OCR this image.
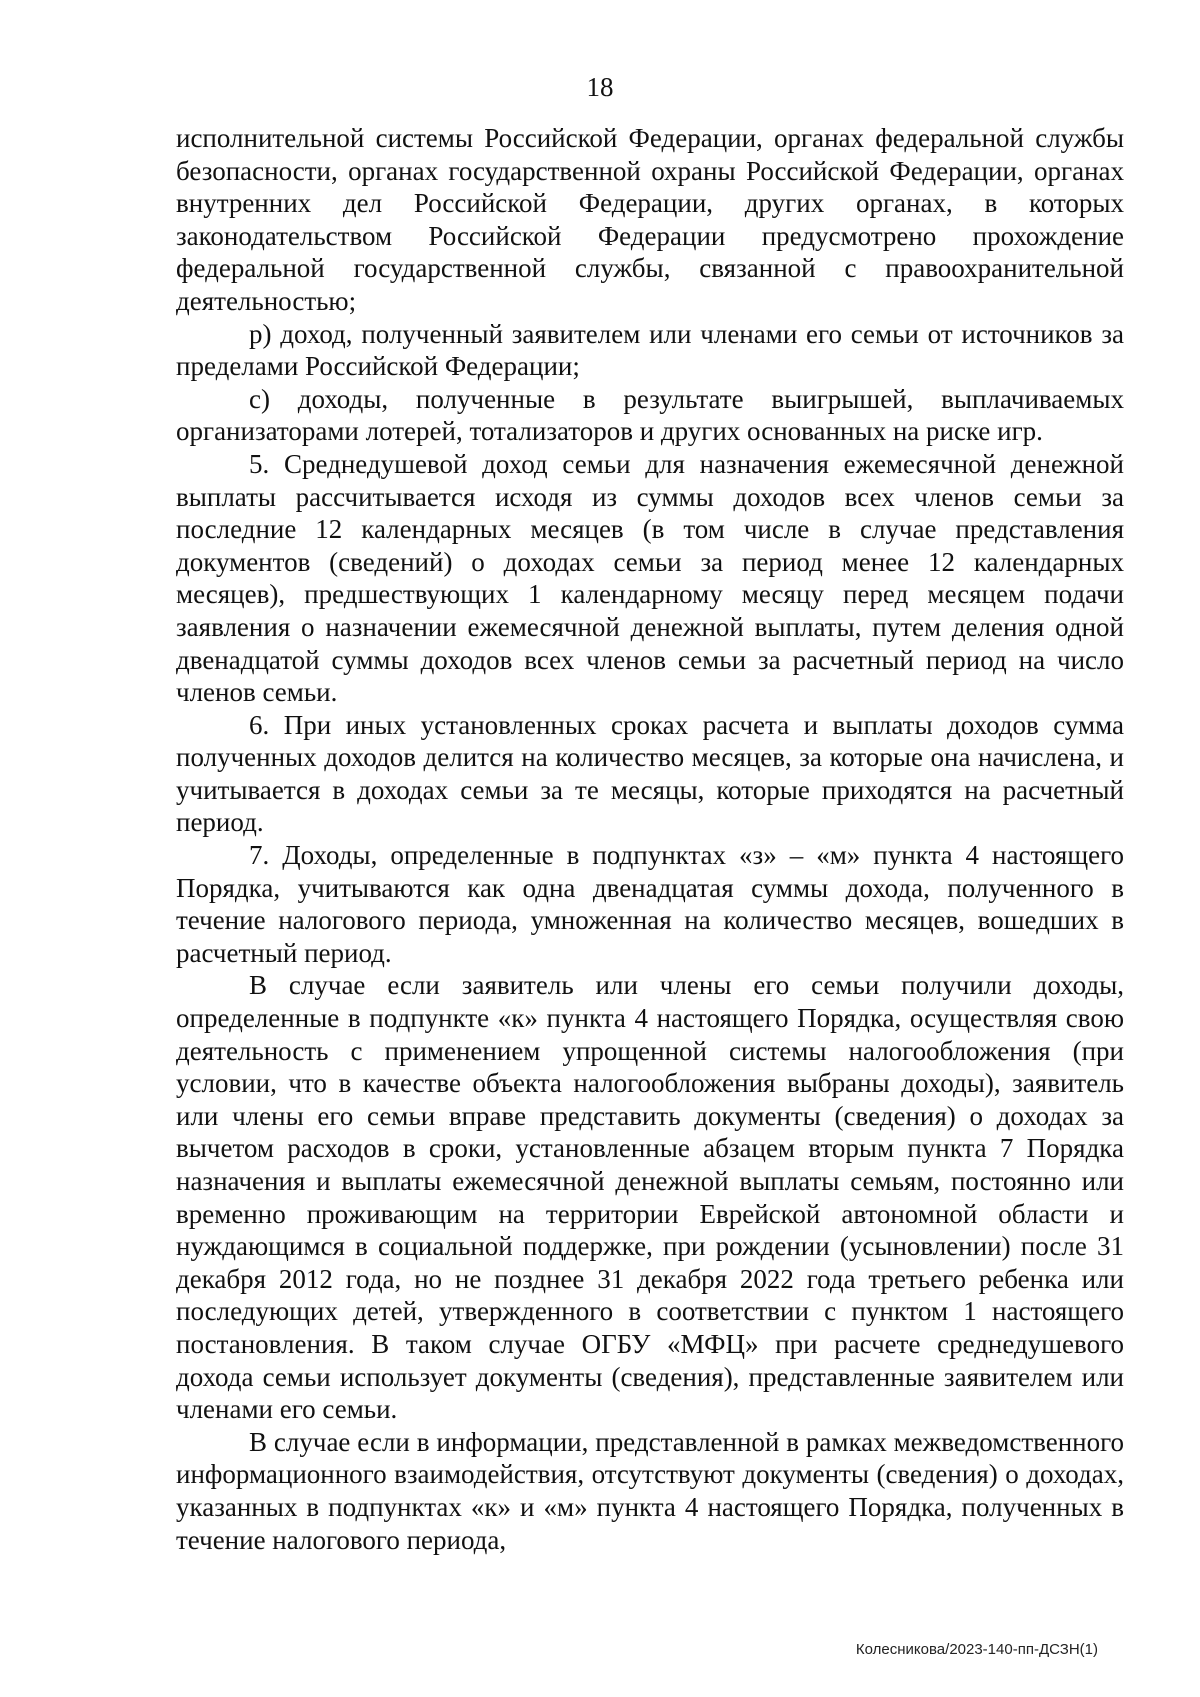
18

исполнительной системы Российской Федерации, органах федеральной службы безопасности, органах государственной охраны Российской Федерации, органах внутренних дел Российской Федерации, других органах, в которых законодательством Российской Федерации предусмотрено прохождение федеральной государственной службы, связанной с правоохранительной деятельностью;

р) доход, полученный заявителем или членами его семьи от источников за пределами Российской Федерации;

с) доходы, полученные в результате выигрышей, выплачиваемых организаторами лотерей, тотализаторов и других основанных на риске игр.

5. Среднедушевой доход семьи для назначения ежемесячной денежной выплаты рассчитывается исходя из суммы доходов всех членов семьи за последние 12 календарных месяцев (в том числе в случае представления документов (сведений) о доходах семьи за период менее 12 календарных месяцев), предшествующих 1 календарному месяцу перед месяцем подачи заявления о назначении ежемесячной денежной выплаты, путем деления одной двенадцатой суммы доходов всех членов семьи за расчетный период на число членов семьи.

6. При иных установленных сроках расчета и выплаты доходов сумма полученных доходов делится на количество месяцев, за которые она начислена, и учитывается в доходах семьи за те месяцы, которые приходятся на расчетный период.

7. Доходы, определенные в подпунктах «з» – «м» пункта 4 настоящего Порядка, учитываются как одна двенадцатая суммы дохода, полученного в течение налогового периода, умноженная на количество месяцев, вошедших в расчетный период.

В случае если заявитель или члены его семьи получили доходы, определенные в подпункте «к» пункта 4 настоящего Порядка, осуществляя свою деятельность с применением упрощенной системы налогообложения (при условии, что в качестве объекта налогообложения выбраны доходы), заявитель или члены его семьи вправе представить документы (сведения) о доходах за вычетом расходов в сроки, установленные абзацем вторым пункта 7 Порядка назначения и выплаты ежемесячной денежной выплаты семьям, постоянно или временно проживающим на территории Еврейской автономной области и нуждающимся в социальной поддержке, при рождении (усыновлении) после 31 декабря 2012 года, но не позднее 31 декабря 2022 года третьего ребенка или последующих детей, утвержденного в соответствии с пунктом 1 настоящего постановления. В таком случае ОГБУ «МФЦ» при расчете среднедушевого дохода семьи использует документы (сведения), представленные заявителем или членами его семьи.

В случае если в информации, представленной в рамках межведомственного информационного взаимодействия, отсутствуют документы (сведения) о доходах, указанных в подпунктах «к» и «м» пункта 4 настоящего Порядка, полученных в течение налогового периода,

Колесникова/2023-140-пп-ДСЗН(1)
